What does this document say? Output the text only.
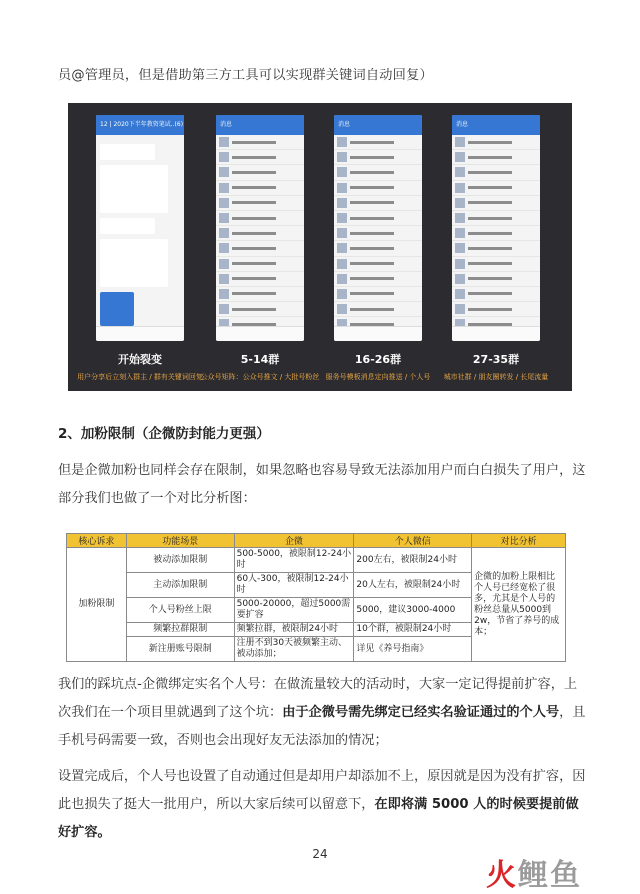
员@管理员，但是借助第三方工具可以实现群关键词自动回复）
12 | 2020下半年教资笔试..(6)
开始裂变
用户分享后立刻入群主 / 群有关键词回复
消息
5-14群
公众号矩阵：公众号推文 / 大批号粉丝
消息
16-26群
服务号模板消息定向推送 / 个人号
消息
27-35群
城市社群 / 朋友圈转发 / 长尾流量
2、加粉限制（企微防封能力更强）
但是企微加粉也同样会存在限制，如果忽略也容易导致无法添加用户而白白损失了用户，这部分我们也做了一个对比分析图：
核心诉求	功能场景	企微	个人微信	对比分析
加粉限制	被动添加限制	500-5000，被限制12-24小时	200左右，被限制24小时	企微的加粉上限相比个人号已经宽松了很多，尤其是个人号的粉丝总量从5000到2w，节省了养号的成本；
	主动添加限制	60人-300，被限制12-24小时	20人左右，被限制24小时	
	个人号粉丝上限	5000-20000，超过5000需要扩容	5000，建议3000-4000	
	频繁拉群限制	频繁拉群，被限制24小时	10个群，被限制24小时	
	新注册账号限制	注册不到30天被频繁主动、被动添加；	详见《养号指南》	
我们的踩坑点-企微绑定实名个人号：在做流量较大的活动时，大家一定记得提前扩容，上次我们在一个项目里就遇到了这个坑：由于企微号需先绑定已经实名验证通过的个人号，且手机号码需要一致，否则也会出现好友无法添加的情况；
设置完成后，个人号也设置了自动通过但是却用户却添加不上，原因就是因为没有扩容，因此也损失了挺大一批用户，所以大家后续可以留意下，在即将满 5000 人的时候要提前做好扩容。
24
火鲤鱼
